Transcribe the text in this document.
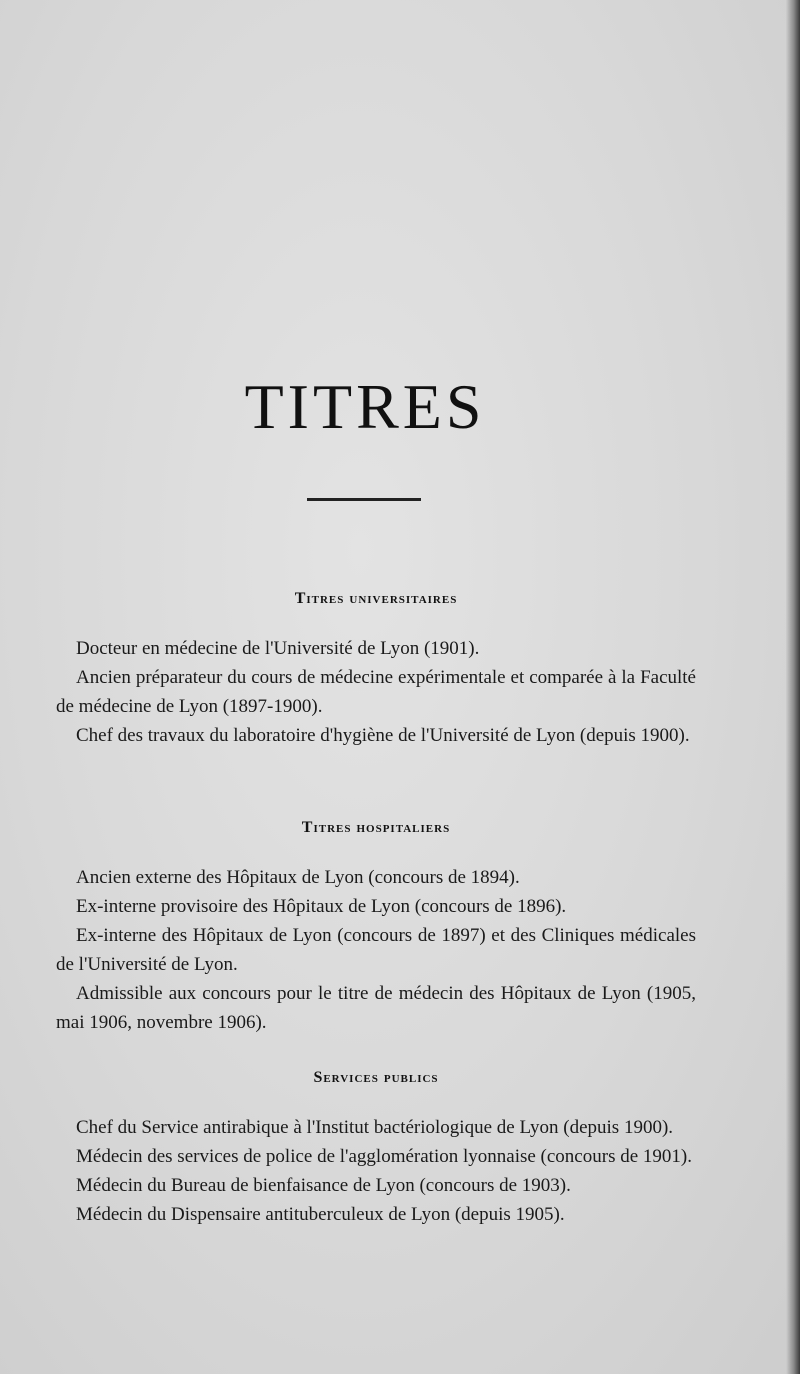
TITRES
Titres universitaires

Docteur en médecine de l'Université de Lyon (1901).

Ancien préparateur du cours de médecine expérimentale et comparée à la Faculté de médecine de Lyon (1897-1900).

Chef des travaux du laboratoire d'hygiène de l'Université de Lyon (depuis 1900).

Titres hospitaliers

Ancien externe des Hôpitaux de Lyon (concours de 1894).

Ex-interne provisoire des Hôpitaux de Lyon (concours de 1896).

Ex-interne des Hôpitaux de Lyon (concours de 1897) et des Cliniques médicales de l'Université de Lyon.

Admissible aux concours pour le titre de médecin des Hôpitaux de Lyon (1905, mai 1906, novembre 1906).

Services publics

Chef du Service antirabique à l'Institut bactériologique de Lyon (depuis 1900).

Médecin des services de police de l'agglomération lyonnaise (concours de 1901).

Médecin du Bureau de bienfaisance de Lyon (concours de 1903).

Médecin du Dispensaire antituberculeux de Lyon (depuis 1905).
